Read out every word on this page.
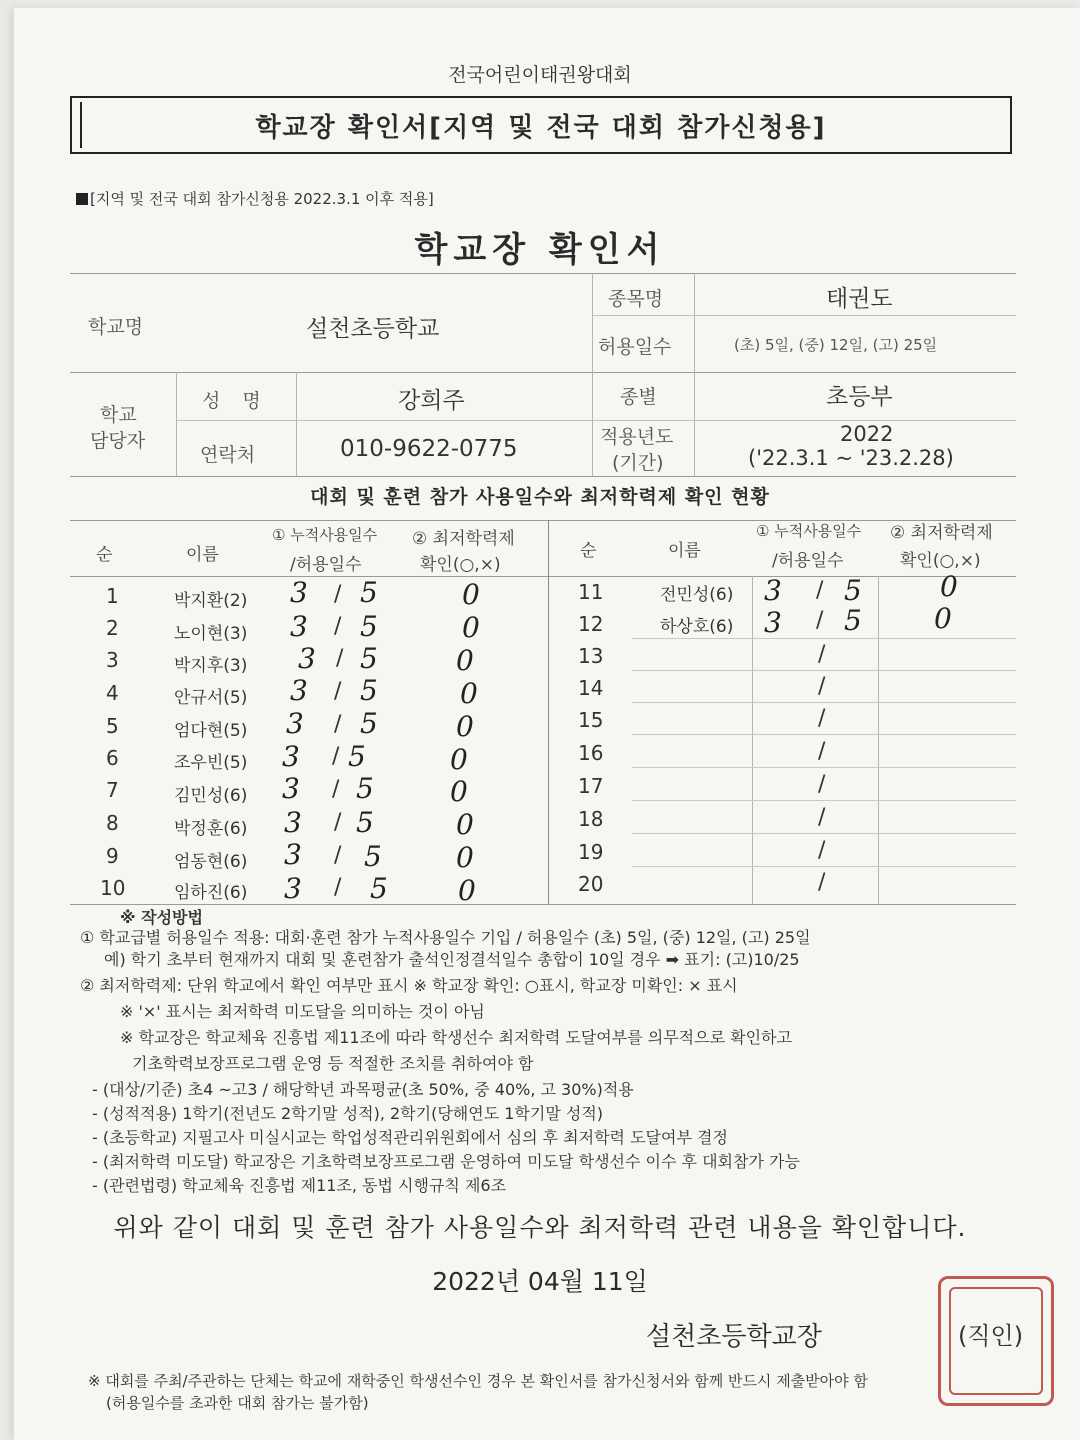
전국어린이태권왕대회
학교장 확인서[지역 및 전국 대회 참가신청용]
[지역 및 전국 대회 참가신청용 2022.3.1 이후 적용]
학교장 확인서
학교명	설천초등학교
종목명	태권도
허용일수	(초) 5일, (중) 12일, (고) 25일
학교
담당자
성 명	강희주
연락처	010-9622-0775
종별	초등부
적용년도
(기간)
2022
('22.3.1 ~ '23.2.28)
대회 및 훈련 참가 사용일수와 최저학력제 확인 현황
순	이름
① 누적사용일수
/허용일수
② 최저학력제
확인(○,×)
순	이름
① 누적사용일수
/허용일수
② 최저학력제
확인(○,×)
1	박지환(2) 3 / 5	0
2	노이현(3) 3 / 5	0
3	박지후(3) 3 / 5	0
4	안규서(5) 3 / 5	0
5	엄다현(5) 3 / 5	0
6	조우빈(5) 3 / 5	0
7	김민성(6) 3 / 5	0
8	박정훈(6) 3 / 5	0
9	엄동현(6) 3 / 5	0
10	임하진(6) 3 / 5	0
11	전민성(6) 3 / 5	0
12	하상호(6) 3 / 5	0
13	/
14	/
15	/
16	/
17	/
18	/
19	/
20	/
※ 작성방법
① 학교급별 허용일수 적용: 대회·훈련 참가 누적사용일수 기입 / 허용일수 (초) 5일, (중) 12일, (고) 25일
예) 학기 초부터 현재까지 대회 및 훈련참가 출석인정결석일수 총합이 10일 경우 ➡ 표기: (고)10/25
② 최저학력제: 단위 학교에서 확인 여부만 표시 ※ 학교장 확인: ○표시, 학교장 미확인: × 표시
※ '×' 표시는 최저학력 미도달을 의미하는 것이 아님
※ 학교장은 학교체육 진흥법 제11조에 따라 학생선수 최저학력 도달여부를 의무적으로 확인하고
기초학력보장프로그램 운영 등 적절한 조치를 취하여야 함
- (대상/기준) 초4 ~고3 / 해당학년 과목평균(초 50%, 중 40%, 고 30%)적용
- (성적적용) 1학기(전년도 2학기말 성적), 2학기(당해연도 1학기말 성적)
- (초등학교) 지필고사 미실시교는 학업성적관리위원회에서 심의 후 최저학력 도달여부 결정
- (최저학력 미도달) 학교장은 기초학력보장프로그램 운영하여 미도달 학생선수 이수 후 대회참가 가능
- (관련법령) 학교체육 진흥법 제11조, 동법 시행규칙 제6조
위와 같이 대회 및 훈련 참가 사용일수와 최저학력 관련 내용을 확인합니다.
2022년 04월 11일
설천초등학교장	(직인)
※ 대회를 주최/주관하는 단체는 학교에 재학중인 학생선수인 경우 본 확인서를 참가신청서와 함께 반드시 제출받아야 함
(허용일수를 초과한 대회 참가는 불가함)
